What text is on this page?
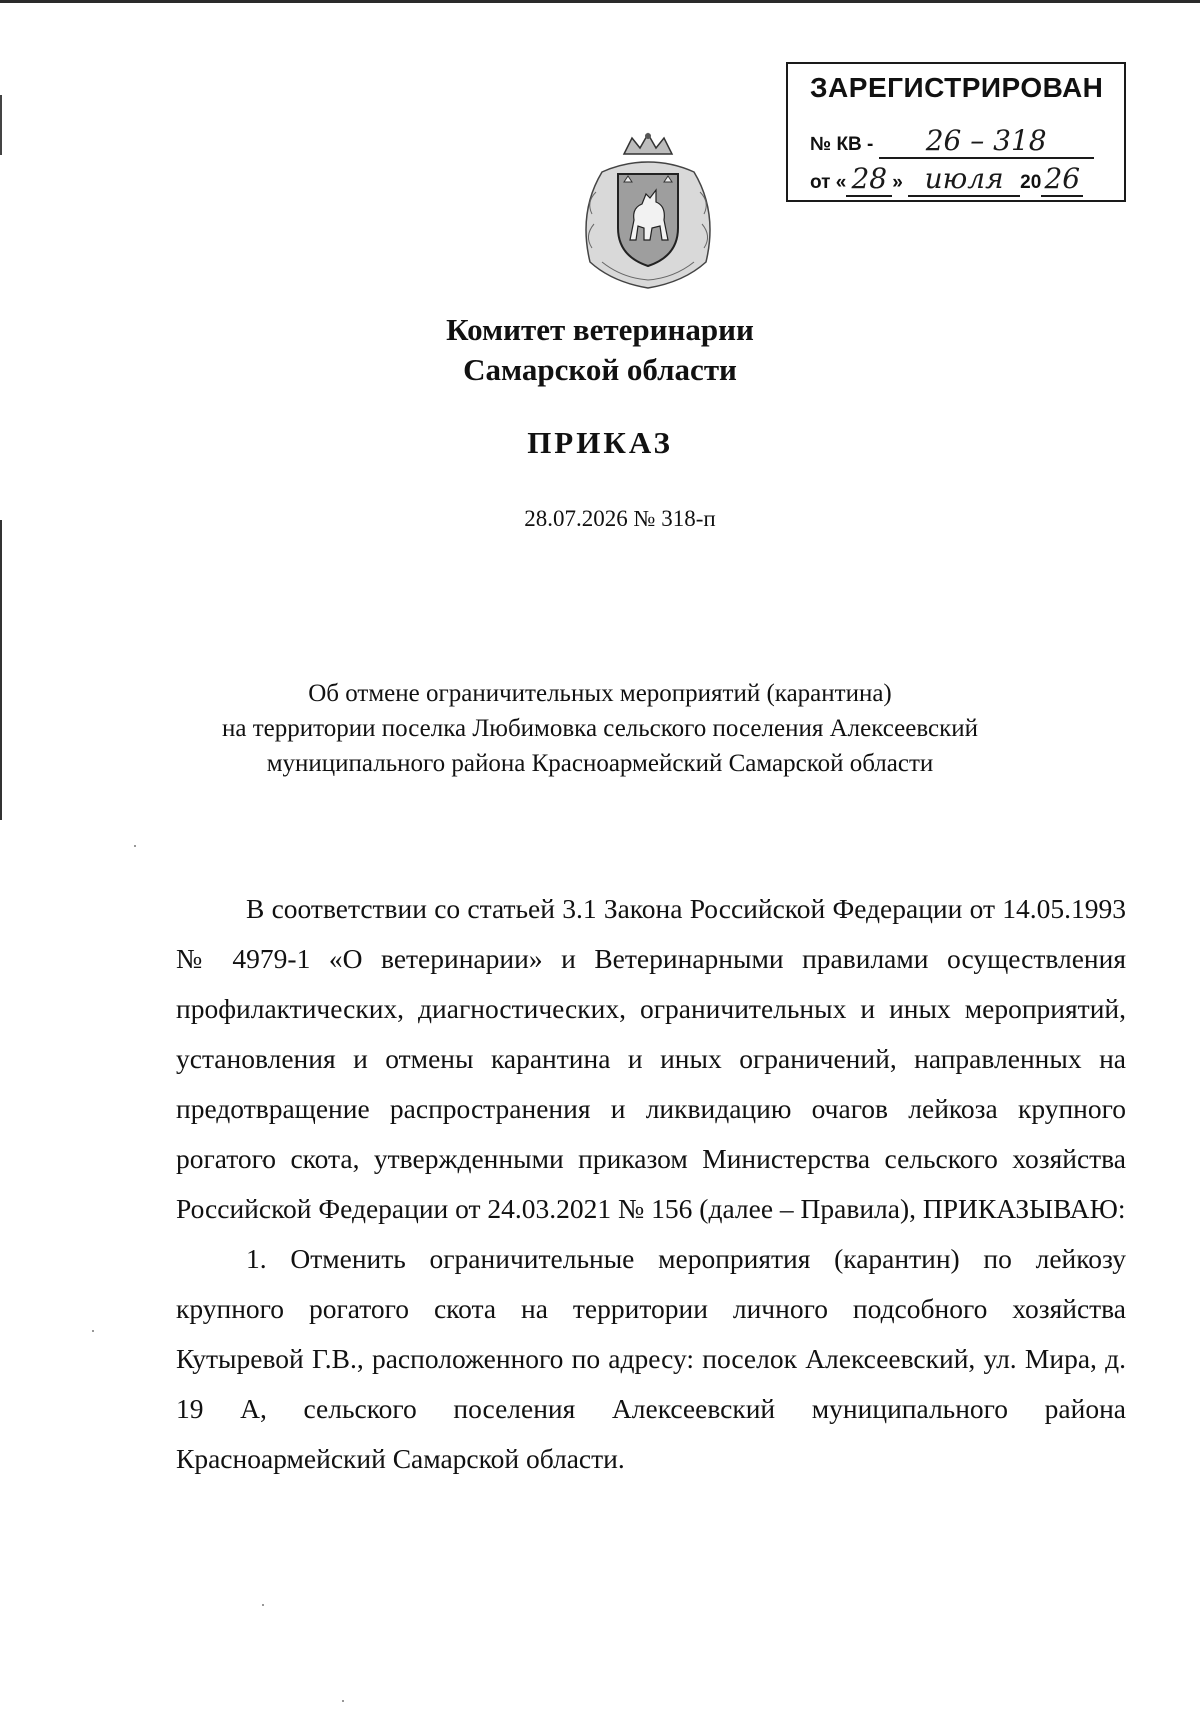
ЗАРЕГИСТРИРОВАН
№ КВ - 26 – 318
от « 28 » июля 20 26
Комитет ветеринарии
Самарской области
ПРИКАЗ
28.07.2026 № 318-п
Об отмене ограничительных мероприятий (карантина)
на территории поселка Любимовка сельского поселения Алексеевский
муниципального района Красноармейский Самарской области

В соответствии со статьей 3.1 Закона Российской Федерации от 14.05.1993 № 4979-1 «О ветеринарии» и Ветеринарными правилами осуществления профилактических, диагностических, ограничительных и иных мероприятий, установления и отмены карантина и иных ограничений, направленных на предотвращение распространения и ликвидацию очагов лейкоза крупного рогатого скота, утвержденными приказом Министерства сельского хозяйства Российской Федерации от 24.03.2021 № 156 (далее – Правила), ПРИКАЗЫВАЮ:

1. Отменить ограничительные мероприятия (карантин) по лейкозу крупного рогатого скота на территории личного подсобного хозяйства Кутыревой Г.В., расположенного по адресу: поселок Алексеевский, ул. Мира, д. 19 А, сельского поселения Алексеевский муниципального района Красноармейский Самарской области.
